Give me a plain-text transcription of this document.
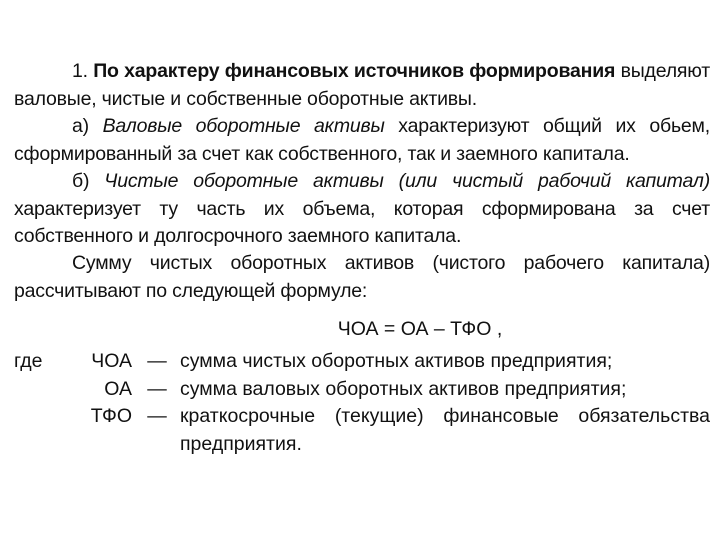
1. По характеру финансовых источников формирования выделяют валовые, чистые и собственные оборотные активы.
а) Валовые оборотные активы характеризуют общий их обьем, сформированный за счет как собственного, так и заемного капитала.
б) Чистые оборотные активы (или чистый рабочий капитал) характеризует ту часть их объема, которая сформирована за счет собственного и долгосрочного заемного капитала.
Сумму чистых оборотных активов (чистого рабочего капитала) рассчитывают по следующей формуле:
ЧОА = ОА – ТФО ,
где	ЧОА — сумма чистых оборотных активов предприятия;
ОА — сумма валовых оборотных активов предприятия;
ТФО — краткосрочные (текущие) финансовые обязательства предприятия.
